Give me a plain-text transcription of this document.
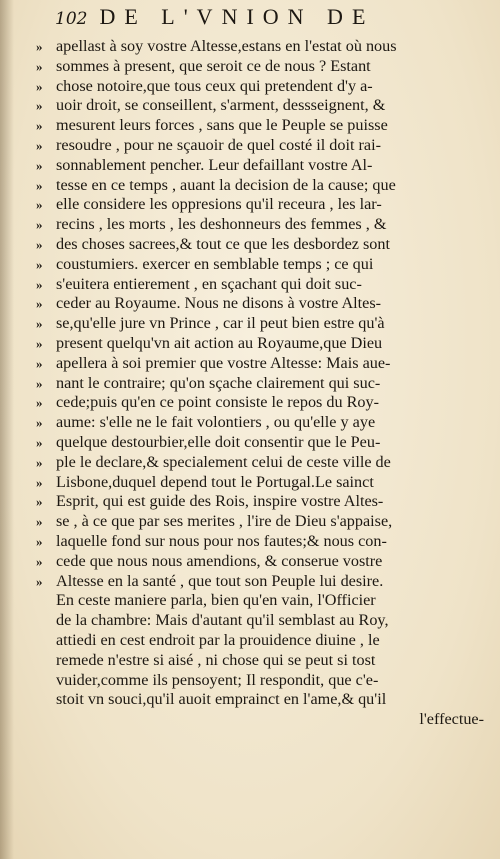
102 DE L'VNION DE
» apellast à soy vostre Altesse,estans en l'estat où nous
» sommes à present, que seroit ce de nous ? Estant
» chose notoire,que tous ceux qui pretendent d'y a-
» uoir droit, se conseillent, s'arment, dessseignent, &
» mesurent leurs forces , sans que le Peuple se puisse
» resoudre , pour ne sçauoir de quel costé il doit rai-
» sonnablement pencher. Leur defaillant vostre Al-
» tesse en ce temps , auant la decision de la cause; que
» elle considere les oppresions qu'il receura , les lar-
» recins , les morts , les deshonneurs des femmes , &
» des choses sacrees,& tout ce que les desbordez sont
» coustumiers. exercer en semblable temps ; ce qui
» s'euitera entierement , en sçachant qui doit suc-
» ceder au Royaume. Nous ne disons à vostre Altes-
» se,qu'elle jure vn Prince , car il peut bien estre qu'à
» present quelqu'vn ait action au Royaume,que Dieu
» apellera à soi premier que vostre Altesse: Mais aue-
» nant le contraire; qu'on sçache clairement qui suc-
» cede;puis qu'en ce point consiste le repos du Roy-
» aume: s'elle ne le fait volontiers , ou qu'elle y aye
» quelque destourbier,elle doit consentir que le Peu-
» ple le declare,& specialement celui de ceste ville de
» Lisbone,duquel depend tout le Portugal.Le sainct
» Esprit, qui est guide des Rois, inspire vostre Altes-
» se , à ce que par ses merites , l'ire de Dieu s'appaise,
» laquelle fond sur nous pour nos fautes;& nous con-
» cede que nous nous amendions, & conserue vostre
» Altesse en la santé , que tout son Peuple lui desire.
En ceste maniere parla, bien qu'en vain, l'Officier
de la chambre: Mais d'autant qu'il semblast au Roy,
attiedi en cest endroit par la prouidence diuine , le
remede n'estre si aisé , ni chose qui se peut si tost
vuider,comme ils pensoyent; Il respondit, que c'e-
stoit vn souci,qu'il auoit emprainct en l'ame,& qu'il
l'effectue-
